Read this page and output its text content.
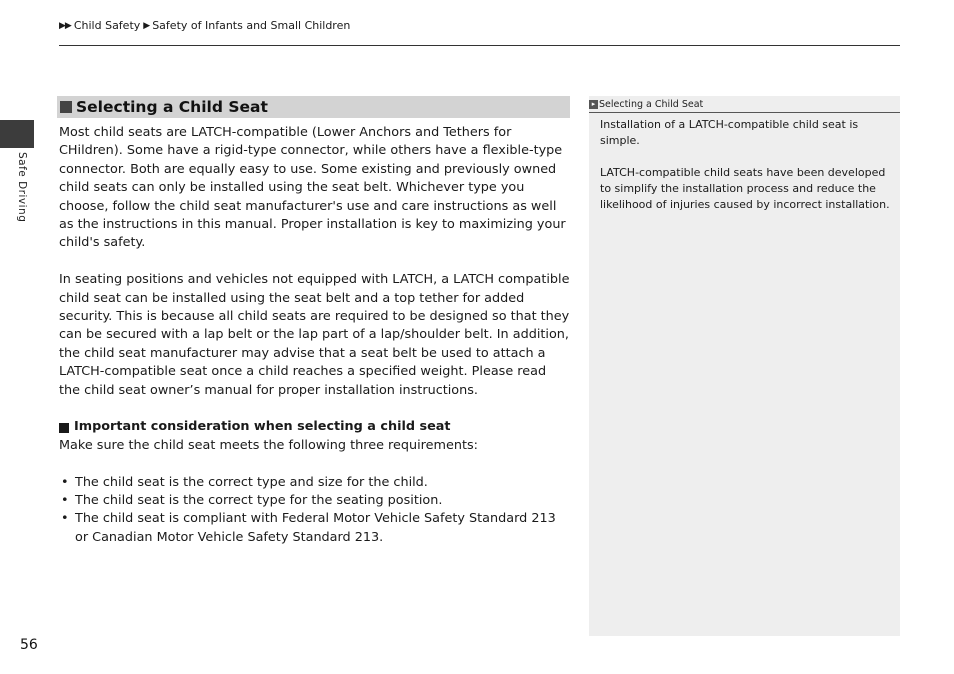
▶▶ Child Safety ▶ Safety of Infants and Small Children
Safe Driving
Selecting a Child Seat

Most child seats are LATCH-compatible (Lower Anchors and Tethers for CHildren). Some have a rigid-type connector, while others have a flexible-type connector. Both are equally easy to use. Some existing and previously owned child seats can only be installed using the seat belt. Whichever type you choose, follow the child seat manufacturer's use and care instructions as well as the instructions in this manual. Proper installation is key to maximizing your child's safety.

In seating positions and vehicles not equipped with LATCH, a LATCH compatible child seat can be installed using the seat belt and a top tether for added security. This is because all child seats are required to be designed so that they can be secured with a lap belt or the lap part of a lap/shoulder belt. In addition, the child seat manufacturer may advise that a seat belt be used to attach a LATCH-compatible seat once a child reaches a specified weight. Please read the child seat owner’s manual for proper installation instructions.

Important consideration when selecting a child seat

Make sure the child seat meets the following three requirements:

• The child seat is the correct type and size for the child.
• The child seat is the correct type for the seating position.
• The child seat is compliant with Federal Motor Vehicle Safety Standard 213 or Canadian Motor Vehicle Safety Standard 213.
▸ Selecting a Child Seat

Installation of a LATCH-compatible child seat is simple.

LATCH-compatible child seats have been developed to simplify the installation process and reduce the likelihood of injuries caused by incorrect installation.

56
